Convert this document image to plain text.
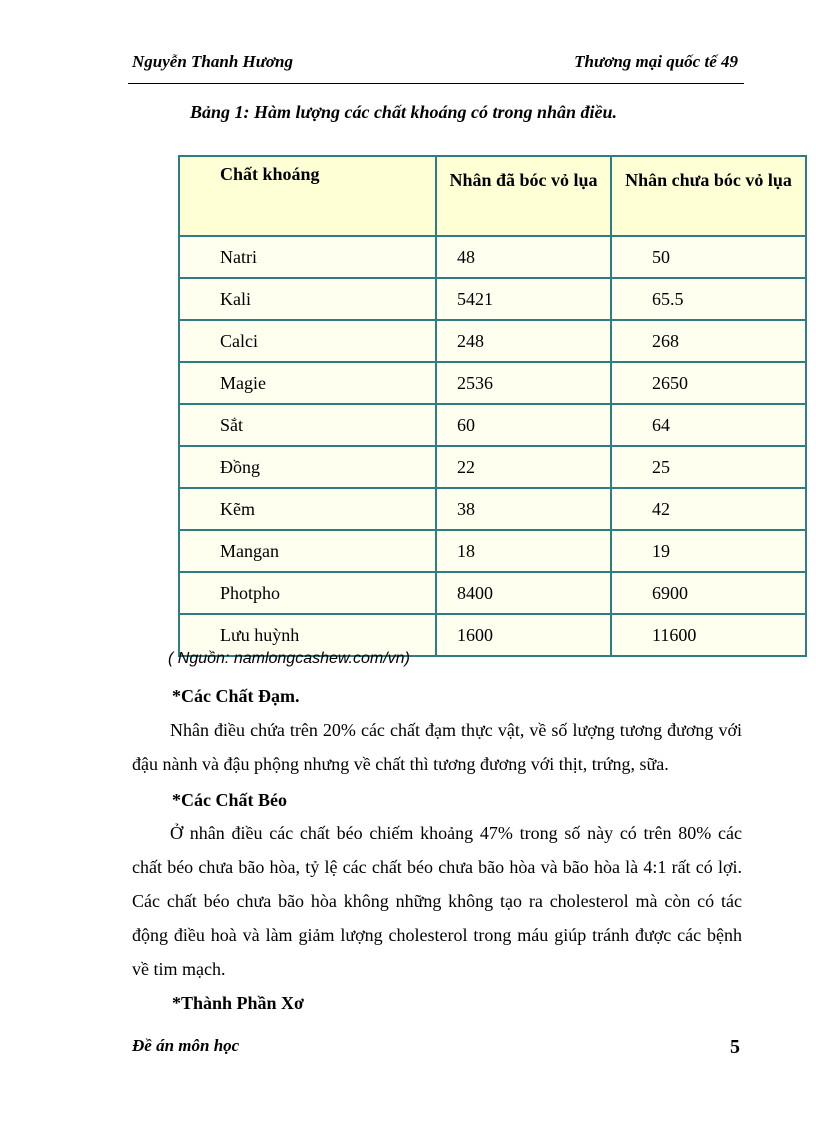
Nguyễn Thanh Hương	Thương mại quốc tế 49
Bảng 1: Hàm lượng các chất khoáng có trong nhân điều.
Chất khoáng	Nhân đã bóc vỏ lụa	Nhân chưa bóc vỏ lụa
Natri	48	50
Kali	5421	65.5
Calci	248	268
Magie	2536	2650
Sắt	60	64
Đồng	22	25
Kẽm	38	42
Mangan	18	19
Photpho	8400	6900
Lưu huỳnh	1600	11600
( Nguồn: namlongcashew.com/vn)
*Các Chất Đạm.
Nhân điều chứa trên 20% các chất đạm thực vật, về số lượng tương đương với đậu nành và đậu phộng nhưng về chất thì tương đương với thịt, trứng, sữa.
*Các Chất Béo
Ở nhân điều các chất béo chiếm khoảng 47% trong số này có trên 80% các chất béo chưa bão hòa, tỷ lệ các chất béo chưa bão hòa và bão hòa là 4:1 rất có lợi. Các chất béo chưa bão hòa không những không tạo ra cholesterol mà còn có tác động điều hoà và làm giảm lượng cholesterol trong máu giúp tránh được các bệnh về tim mạch.
*Thành Phần Xơ
Đề án môn học	5
